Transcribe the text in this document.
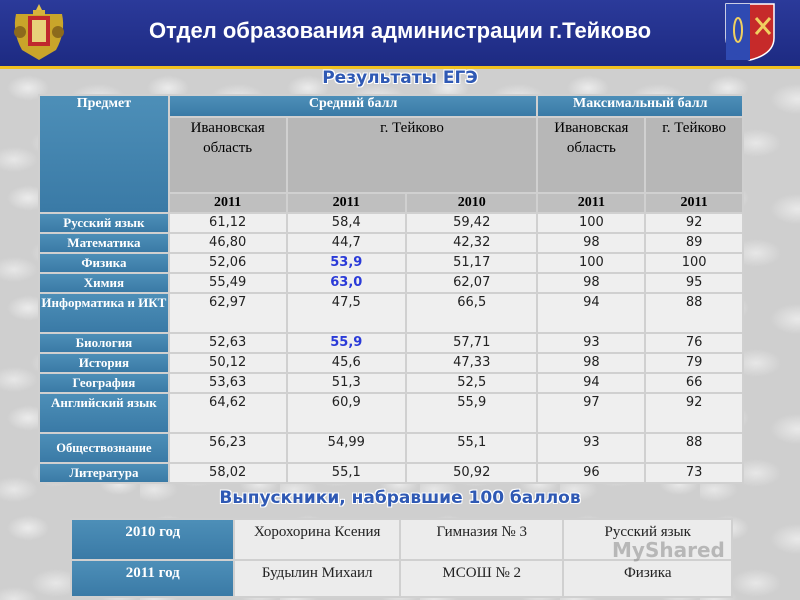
Отдел образования администрации г.Тейково
Результаты ЕГЭ
Предмет	Средний балл			Максимальный балл	
	Ивановская область	г. Тейково		Ивановская область	г. Тейково
	2011	2011	2010	2011	2011
Русский язык	61,12	58,4	59,42	100	92
Математика	46,80	44,7	42,32	98	89
Физика	52,06	53,9	51,17	100	100
Химия	55,49	63,0	62,07	98	95
Информатика и ИКТ	62,97	47,5	66,5	94	88
Биология	52,63	55,9	57,71	93	76
История	50,12	45,6	47,33	98	79
География	53,63	51,3	52,5	94	66
Английский язык	64,62	60,9	55,9	97	92
Обществознание	56,23	54,99	55,1	93	88
Литература	58,02	55,1	50,92	96	73
Выпускники, набравшие 100 баллов
2010 год	Хорохорина Ксения	Гимназия № 3	Русский язык
2011 год	Будылин Михаил	МСОШ № 2	Физика
MyShared
